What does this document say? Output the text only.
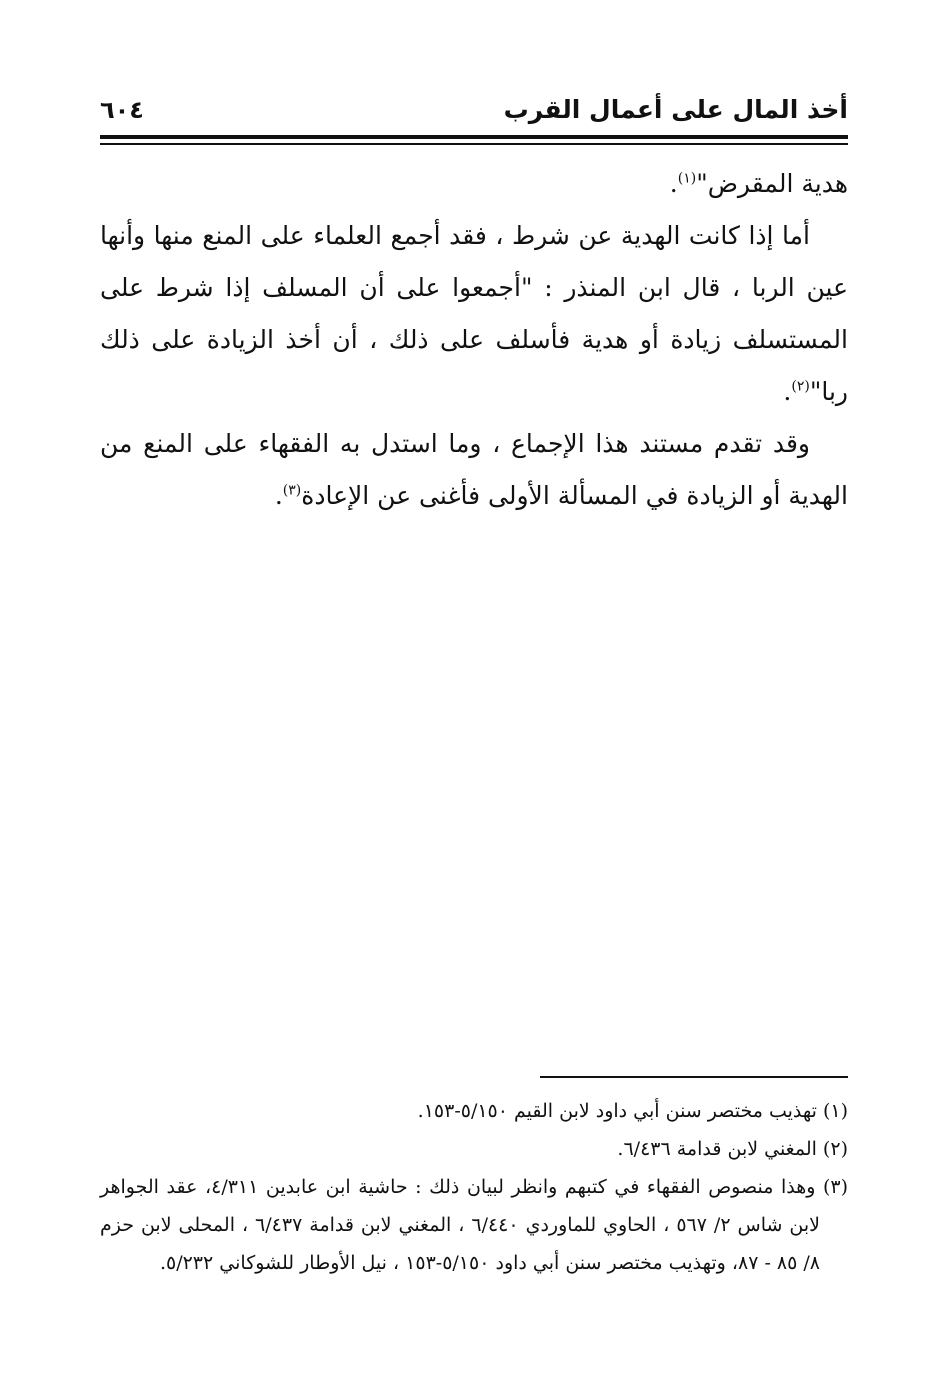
أخذ المال على أعمال القرب
٦٠٤

هدية المقرض"$^{(١)}$.

أما إذا كانت الهدية عن شرط ، فقد أجمع العلماء على المنع منها وأنها عين الربا ، قال ابن المنذر : "أجمعوا على أن المسلف إذا شرط على المستسلف زيادة أو هدية فأسلف على ذلك ، أن أخذ الزيادة على ذلك ربا"$^{(٢)}$.

وقد تقدم مستند هذا الإجماع ، وما استدل به الفقهاء على المنع من الهدية أو الزيادة في المسألة الأولى فأغنى عن الإعادة$^{(٣)}$.

(١) تهذيب مختصر سنن أبي داود لابن القيم ٥/١٥٠-١٥٣.

(٢) المغني لابن قدامة ٦/٤٣٦.

(٣) وهذا منصوص الفقهاء في كتبهم وانظر لبيان ذلك : حاشية ابن عابدين ٤/٣١١، عقد الجواهر لابن شاس ٢/ ٥٦٧ ، الحاوي للماوردي ٦/٤٤٠ ، المغني لابن قدامة ٦/٤٣٧ ، المحلى لابن حزم ٨/ ٨٥ - ٨٧، وتهذيب مختصر سنن أبي داود ٥/١٥٠-١٥٣ ، نيل الأوطار للشوكاني ٥/٢٣٢.
